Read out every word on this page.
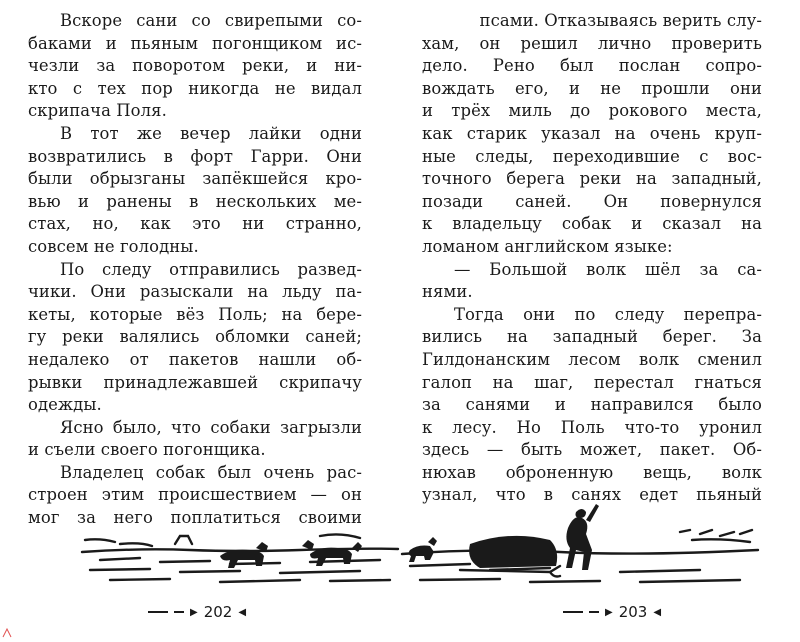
Вскоре сани со свирепыми со-
баками и пьяным погонщиком ис-
чезли за поворотом реки, и ни-
кто с тех пор никогда не видал
скрипача Поля.
В тот же вечер лайки одни
возвратились в форт Гарри. Они
были обрызганы запёкшейся кро-
вью и ранены в нескольких ме-
стах, но, как это ни странно,
совсем не голодны.
По следу отправились развед-
чики. Они разыскали на льду па-
кеты, которые вёз Поль; на бере-
гу реки валялись обломки саней;
недалеко от пакетов нашли об-
рывки принадлежавшей скрипачу
одежды.
Ясно было, что собаки загрызли
и съели своего погонщика.
Владелец собак был очень рас-
строен этим происшествием — он
мог за него поплатиться своими
▶ 202 ◀
псами. Отказываясь верить слу-
хам, он решил лично проверить
дело. Рено был послан сопро-
вождать его, и не прошли они
и трёх миль до рокового места,
как старик указал на очень круп-
ные следы, переходившие с вос-
точного берега реки на западный,
позади саней. Он повернулся
к владельцу собак и сказал на
ломаном английском языке:
— Большой волк шёл за са-
нями.
Тогда они по следу перепра-
вились на западный берег. За
Гилдонанским лесом волк сменил
галоп на шаг, перестал гнаться
за санями и направился было
к лесу. Но Поль что-то уронил
здесь — быть может, пакет. Об-
нюхав оброненную вещь, волк
узнал, что в санях едет пьяный
▶ 203 ◀
